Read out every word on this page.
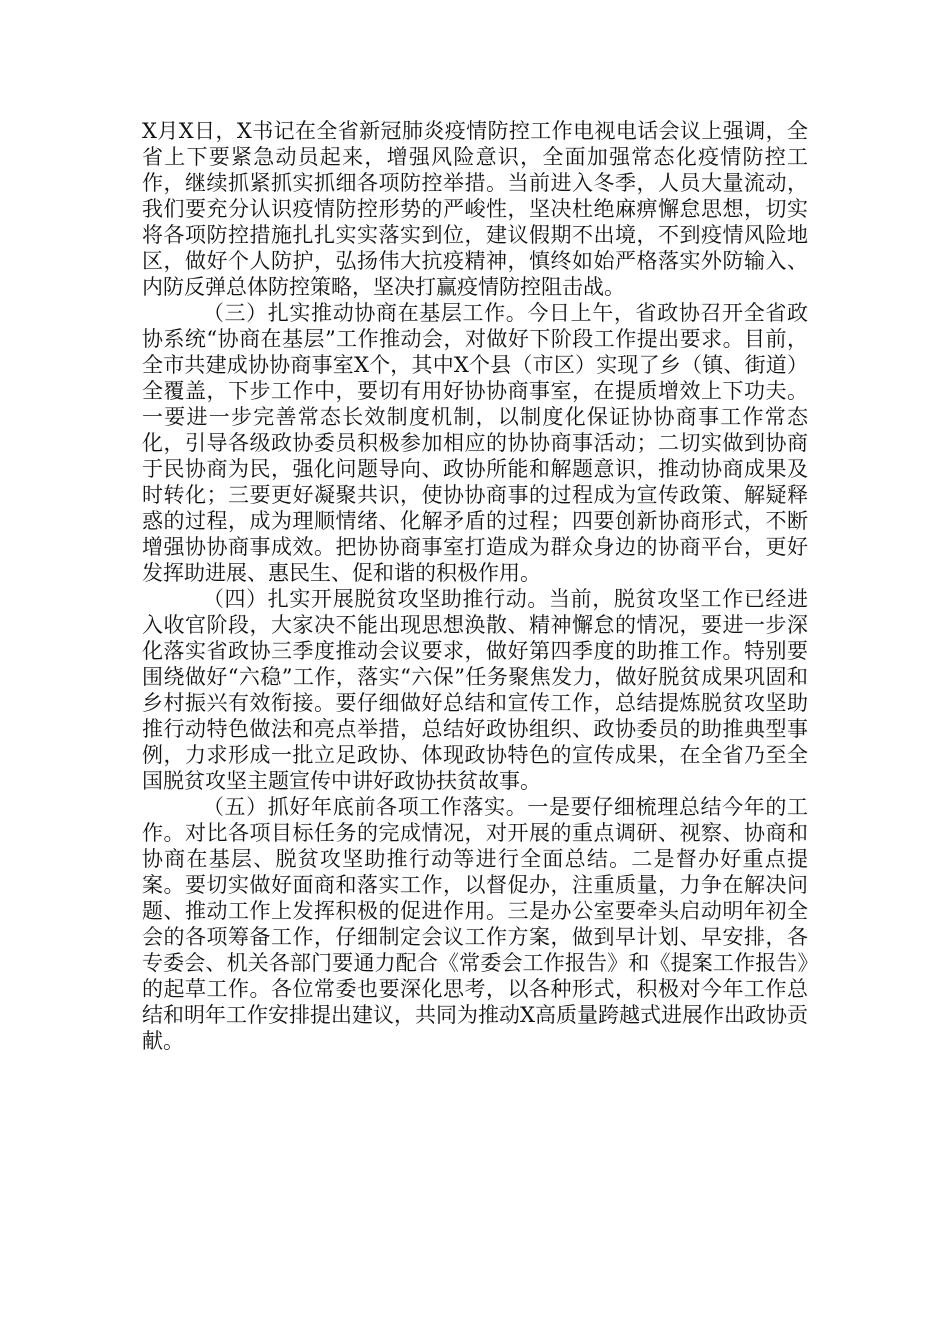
X月X日，X书记在全省新冠肺炎疫情防控工作电视电话会议上强调，全省上下要紧急动员起来，增强风险意识，全面加强常态化疫情防控工作，继续抓紧抓实抓细各项防控举措。当前进入冬季，人员大量流动，我们要充分认识疫情防控形势的严峻性，坚决杜绝麻痹懈怠思想，切实将各项防控措施扎扎实实落实到位，建议假期不出境，不到疫情风险地区，做好个人防护，弘扬伟大抗疫精神，慎终如始严格落实外防输入、内防反弹总体防控策略，坚决打赢疫情防控阻击战。

（三）扎实推动协商在基层工作。今日上午，省政协召开全省政协系统“协商在基层”工作推动会，对做好下阶段工作提出要求。目前，全市共建成协协商事室X个，其中X个县（市区）实现了乡（镇、街道）全覆盖，下步工作中，要切有用好协协商事室，在提质增效上下功夫。一要进一步完善常态长效制度机制，以制度化保证协协商事工作常态化，引导各级政协委员积极参加相应的协协商事活动；二切实做到协商于民协商为民，强化问题导向、政协所能和解题意识，推动协商成果及时转化；三要更好凝聚共识，使协协商事的过程成为宣传政策、解疑释惑的过程，成为理顺情绪、化解矛盾的过程；四要创新协商形式，不断增强协协商事成效。把协协商事室打造成为群众身边的协商平台，更好发挥助进展、惠民生、促和谐的积极作用。

（四）扎实开展脱贫攻坚助推行动。当前，脱贫攻坚工作已经进入收官阶段，大家决不能出现思想涣散、精神懈怠的情况，要进一步深化落实省政协三季度推动会议要求，做好第四季度的助推工作。特别要围绕做好“六稳”工作，落实“六保”任务聚焦发力，做好脱贫成果巩固和乡村振兴有效衔接。要仔细做好总结和宣传工作，总结提炼脱贫攻坚助推行动特色做法和亮点举措，总结好政协组织、政协委员的助推典型事例，力求形成一批立足政协、体现政协特色的宣传成果，在全省乃至全国脱贫攻坚主题宣传中讲好政协扶贫故事。

（五）抓好年底前各项工作落实。一是要仔细梳理总结今年的工作。对比各项目标任务的完成情况，对开展的重点调研、视察、协商和协商在基层、脱贫攻坚助推行动等进行全面总结。二是督办好重点提案。要切实做好面商和落实工作，以督促办，注重质量，力争在解决问题、推动工作上发挥积极的促进作用。三是办公室要牵头启动明年初全会的各项筹备工作，仔细制定会议工作方案，做到早计划、早安排，各专委会、机关各部门要通力配合《常委会工作报告》和《提案工作报告》的起草工作。各位常委也要深化思考，以各种形式，积极对今年工作总结和明年工作安排提出建议，共同为推动X高质量跨越式进展作出政协贡献。
